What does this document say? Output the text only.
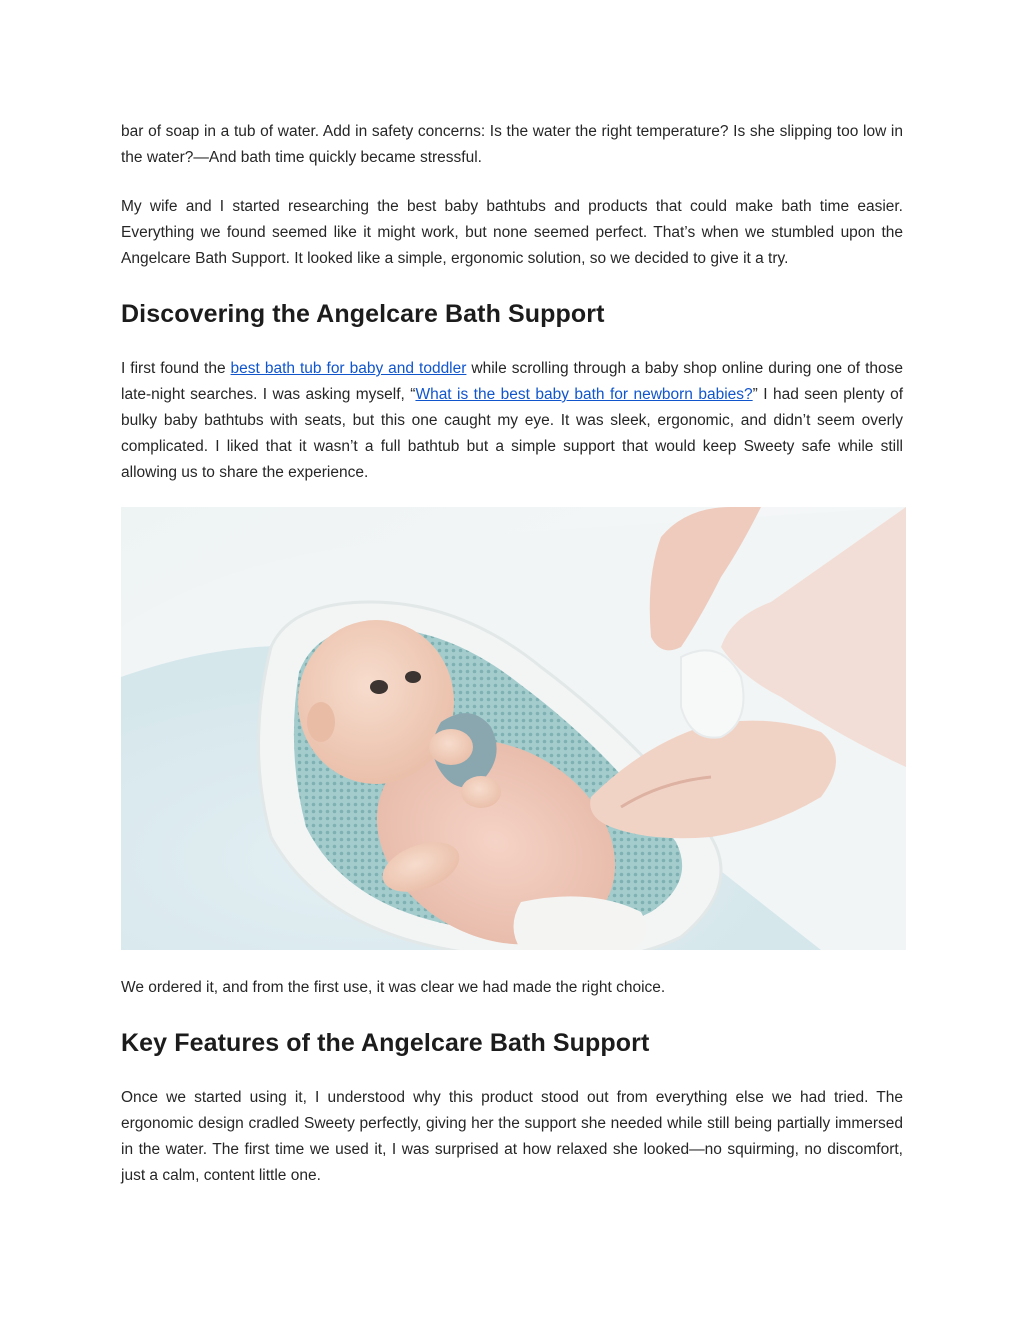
bar of soap in a tub of water. Add in safety concerns: Is the water the right temperature? Is she slipping too low in the water?—And bath time quickly became stressful.

My wife and I started researching the best baby bathtubs and products that could make bath time easier. Everything we found seemed like it might work, but none seemed perfect. That’s when we stumbled upon the Angelcare Bath Support. It looked like a simple, ergonomic solution, so we decided to give it a try.

Discovering the Angelcare Bath Support

I first found the best bath tub for baby and toddler while scrolling through a baby shop online during one of those late-night searches. I was asking myself, “What is the best baby bath for newborn babies?” I had seen plenty of bulky baby bathtubs with seats, but this one caught my eye. It was sleek, ergonomic, and didn’t seem overly complicated. I liked that it wasn’t a full bathtub but a simple support that would keep Sweety safe while still allowing us to share the experience.

We ordered it, and from the first use, it was clear we had made the right choice.

Key Features of the Angelcare Bath Support

Once we started using it, I understood why this product stood out from everything else we had tried. The ergonomic design cradled Sweety perfectly, giving her the support she needed while still being partially immersed in the water. The first time we used it, I was surprised at how relaxed she looked—no squirming, no discomfort, just a calm, content little one.
